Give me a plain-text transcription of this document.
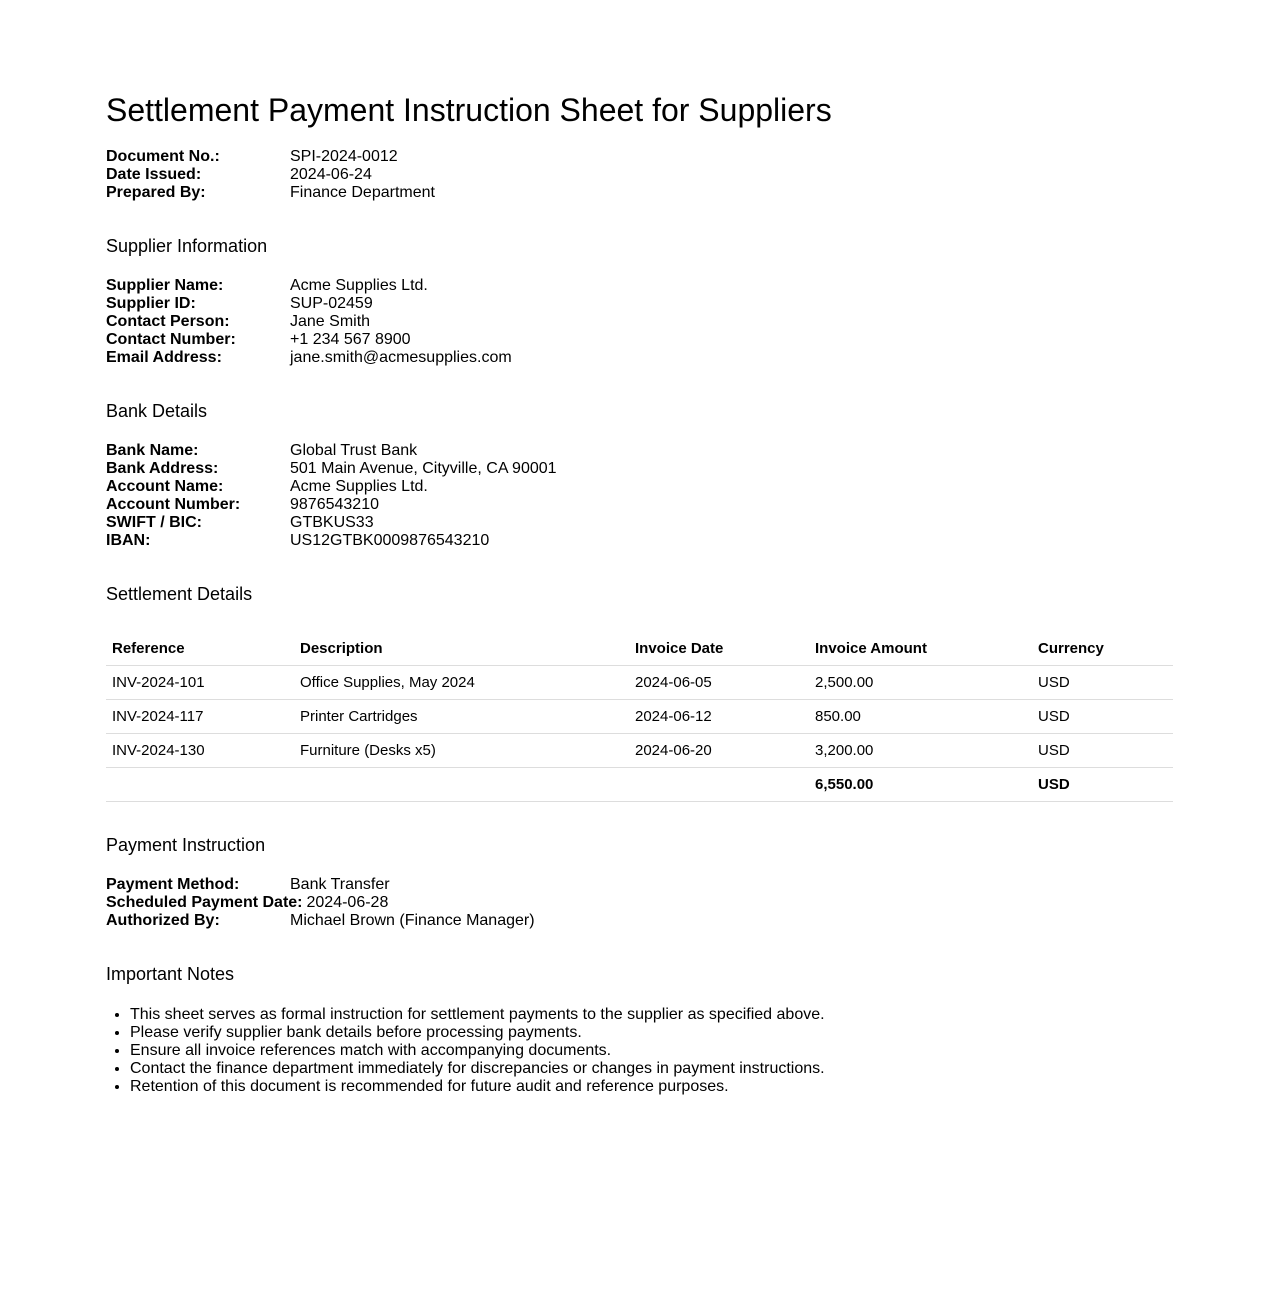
Settlement Payment Instruction Sheet for Suppliers
Document No.:	SPI-2024-0012
Date Issued:	2024-06-24
Prepared By:	Finance Department
Supplier Information
Supplier Name:	Acme Supplies Ltd.
Supplier ID:	SUP-02459
Contact Person:	Jane Smith
Contact Number:	+1 234 567 8900
Email Address:	jane.smith@acmesupplies.com
Bank Details
Bank Name:	Global Trust Bank
Bank Address:	501 Main Avenue, Cityville, CA 90001
Account Name:	Acme Supplies Ltd.
Account Number:	9876543210
SWIFT / BIC:	GTBKUS33
IBAN:	US12GTBK0009876543210
Settlement Details
Reference	Description	Invoice Date	Invoice Amount	Currency
INV-2024-101	Office Supplies, May 2024	2024-06-05	2,500.00	USD
INV-2024-117	Printer Cartridges	2024-06-12	850.00	USD
INV-2024-130	Furniture (Desks x5)	2024-06-20	3,200.00	USD
			6,550.00	USD
Payment Instruction
Payment Method:	Bank Transfer
Scheduled Payment Date: 2024-06-28
Authorized By:	Michael Brown (Finance Manager)
Important Notes
• This sheet serves as formal instruction for settlement payments to the supplier as specified above.
• Please verify supplier bank details before processing payments.
• Ensure all invoice references match with accompanying documents.
• Contact the finance department immediately for discrepancies or changes in payment instructions.
• Retention of this document is recommended for future audit and reference purposes.
